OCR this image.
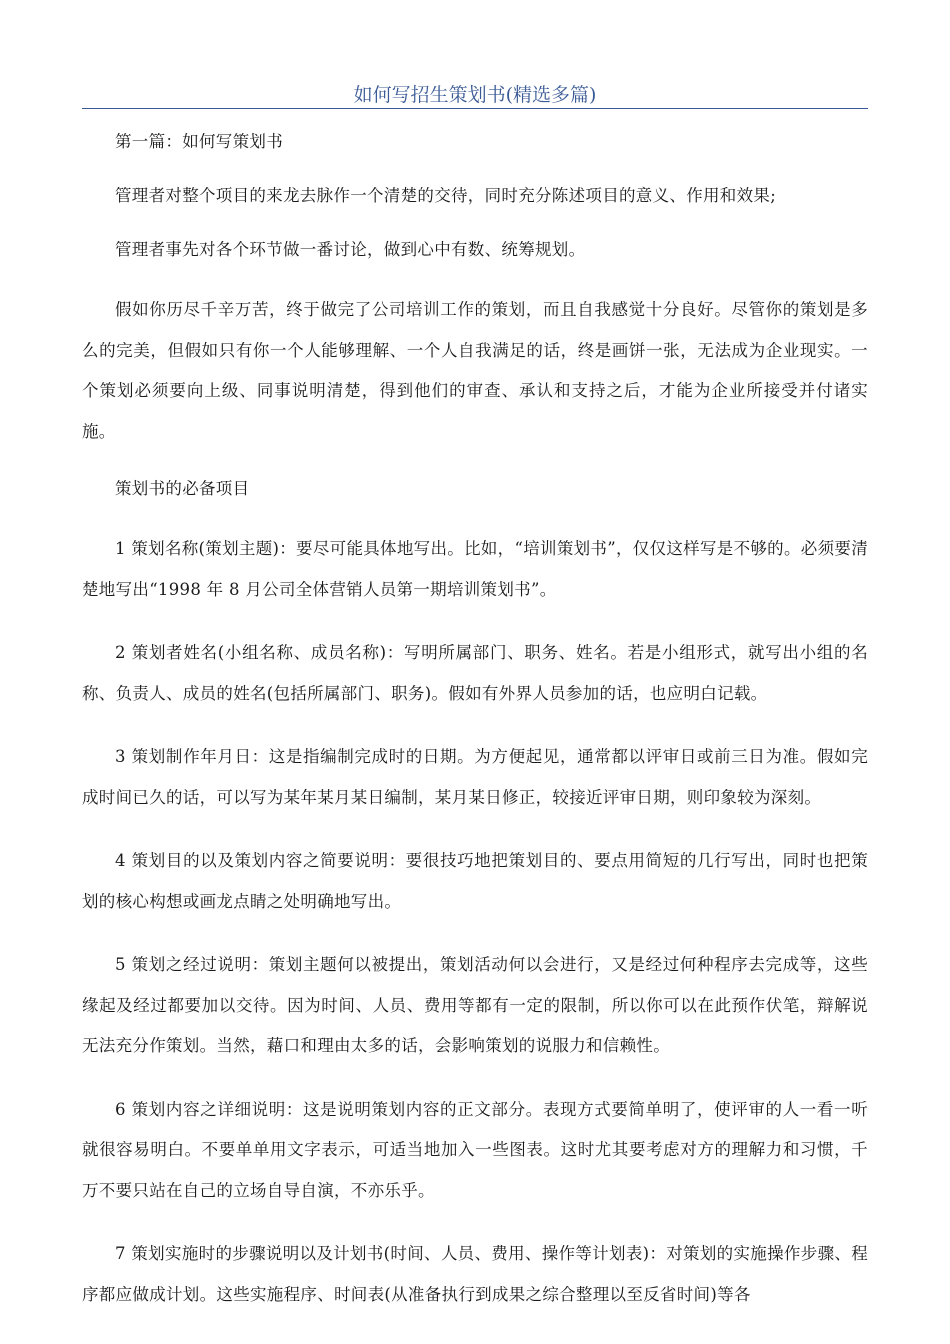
如何写招生策划书(精选多篇)

第一篇：如何写策划书

管理者对整个项目的来龙去脉作一个清楚的交待，同时充分陈述项目的意义、作用和效果;

管理者事先对各个环节做一番讨论，做到心中有数、统筹规划。

假如你历尽千辛万苦，终于做完了公司培训工作的策划，而且自我感觉十分良好。尽管你的策划是多么的完美，但假如只有你一个人能够理解、一个人自我满足的话，终是画饼一张，无法成为企业现实。一个策划必须要向上级、同事说明清楚，得到他们的审查、承认和支持之后，才能为企业所接受并付诸实施。

策划书的必备项目

1 策划名称(策划主题)：要尽可能具体地写出。比如，“培训策划书”，仅仅这样写是不够的。必须要清楚地写出“1998 年 8 月公司全体营销人员第一期培训策划书”。

2 策划者姓名(小组名称、成员名称)：写明所属部门、职务、姓名。若是小组形式，就写出小组的名称、负责人、成员的姓名(包括所属部门、职务)。假如有外界人员参加的话，也应明白记载。

3 策划制作年月日：这是指编制完成时的日期。为方便起见，通常都以评审日或前三日为准。假如完成时间已久的话，可以写为某年某月某日编制，某月某日修正，较接近评审日期，则印象较为深刻。

4 策划目的以及策划内容之简要说明：要很技巧地把策划目的、要点用简短的几行写出，同时也把策划的核心构想或画龙点睛之处明确地写出。

5 策划之经过说明：策划主题何以被提出，策划活动何以会进行，又是经过何种程序去完成等，这些缘起及经过都要加以交待。因为时间、人员、费用等都有一定的限制，所以你可以在此预作伏笔，辩解说无法充分作策划。当然，藉口和理由太多的话，会影响策划的说服力和信赖性。

6 策划内容之详细说明：这是说明策划内容的正文部分。表现方式要简单明了，使评审的人一看一听就很容易明白。不要单单用文字表示，可适当地加入一些图表。这时尤其要考虑对方的理解力和习惯，千万不要只站在自己的立场自导自演，不亦乐乎。

7 策划实施时的步骤说明以及计划书(时间、人员、费用、操作等计划表)：对策划的实施操作步骤、程序都应做成计划。这些实施程序、时间表(从准备执行到成果之综合整理以至反省时间)等各
